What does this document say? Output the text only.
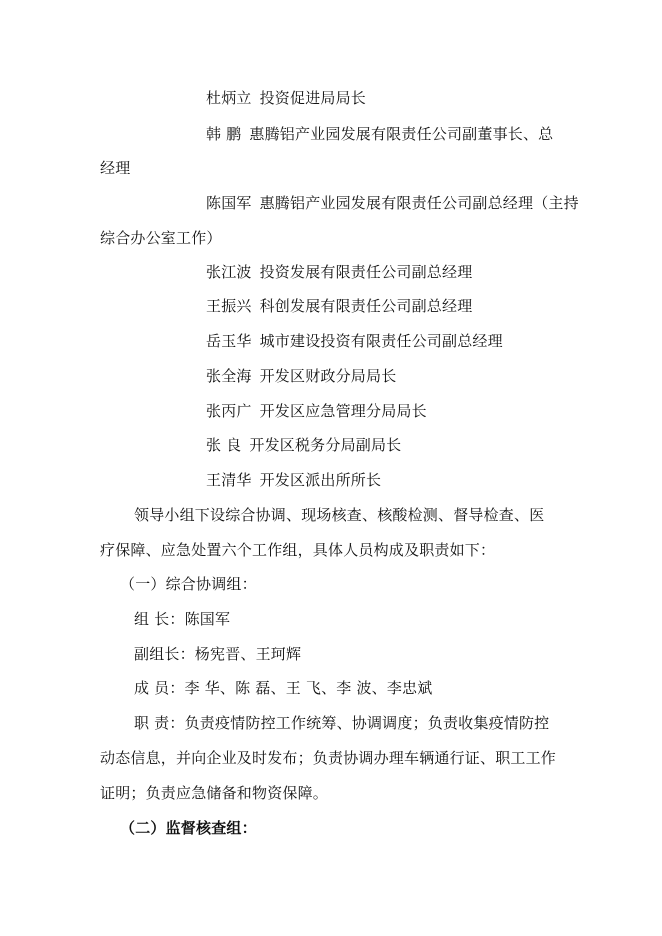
杜炳立 投资促进局局长
韩 鹏 惠腾铝产业园发展有限责任公司副董事长、总
经理
陈国军 惠腾铝产业园发展有限责任公司副总经理（主持
综合办公室工作）
张江波 投资发展有限责任公司副总经理
王振兴 科创发展有限责任公司副总经理
岳玉华 城市建设投资有限责任公司副总经理
张全海 开发区财政分局局长
张丙广 开发区应急管理分局局长
张 良 开发区税务分局副局长
王清华 开发区派出所所长
领导小组下设综合协调、现场核查、核酸检测、督导检查、医
疗保障、应急处置六个工作组，具体人员构成及职责如下：
（一）综合协调组：
组 长：陈国军
副组长：杨宪晋、王珂辉
成 员：李 华、陈 磊、王 飞、李 波、李忠斌
职 责：负责疫情防控工作统筹、协调调度；负责收集疫情防控
动态信息，并向企业及时发布；负责协调办理车辆通行证、职工工作
证明；负责应急储备和物资保障。
（二）监督核查组：
